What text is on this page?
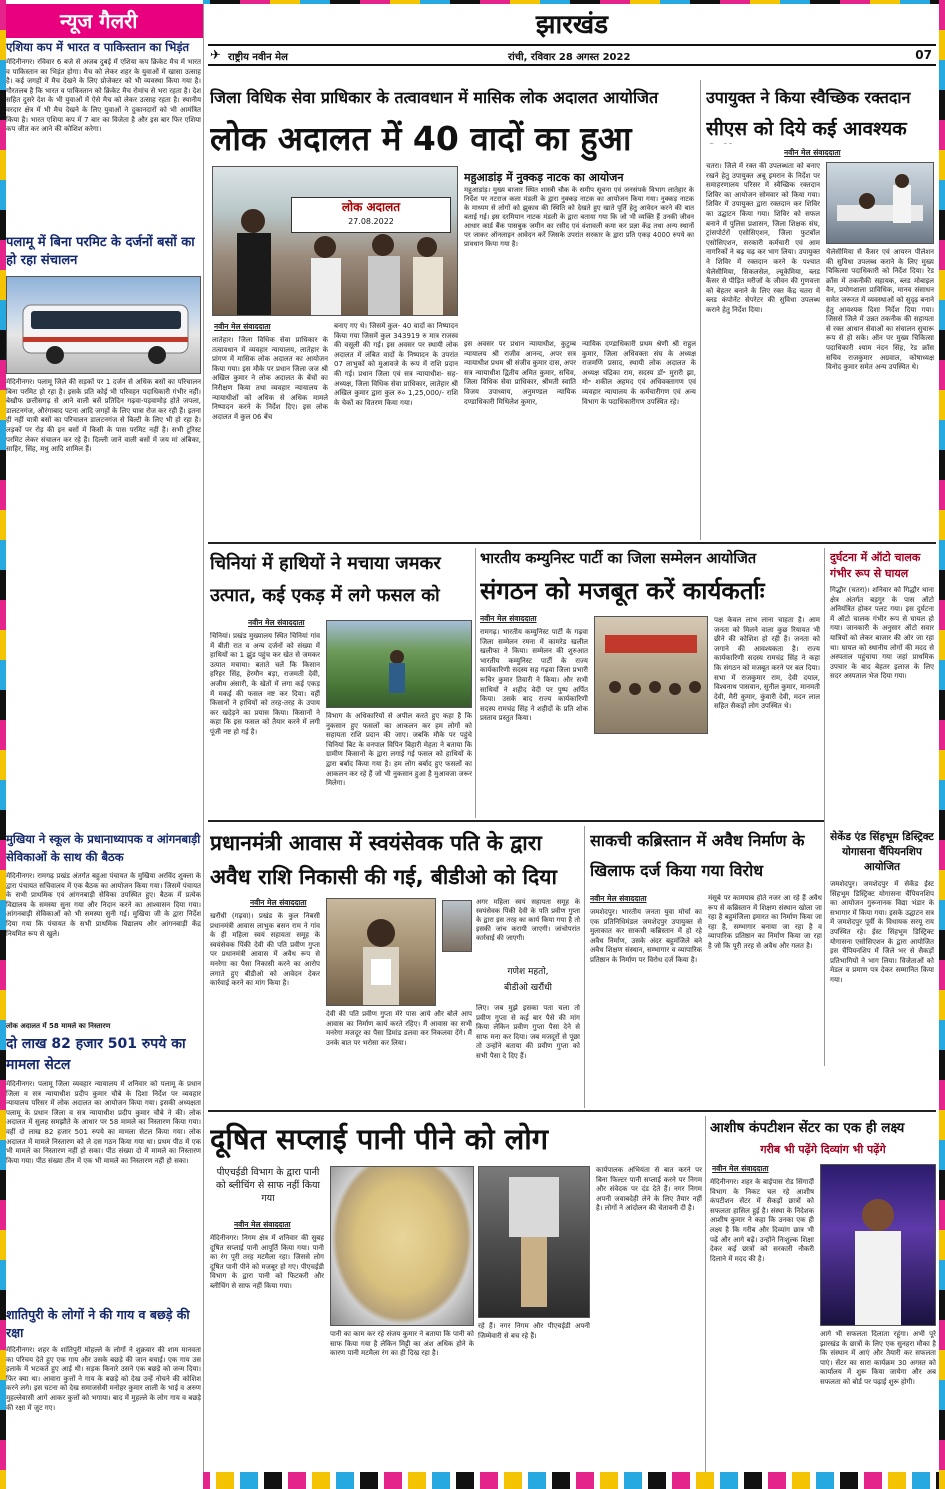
न्यूज गैलरी
एशिया कप में भारत व पाकिस्तान का भिड़ंत
मेदिनीनगर। रविवार 6 बजे से अजब दुबई में एशिया कप क्रिकेट मैच में भारत व पाकिस्तान का भिड़ंत होगा। मैच को लेकर शहर के युवाओं में खासा उत्साह है। कई जगहों में मैच देखने के लिए प्रोजेक्टर को भी व्यवस्था किया गया है। गौरतलब है कि भारत व पाकिस्तान को क्रिकेट मैच रोमांच से भरा रहता है। देश सहित दुसरे देश के भी युवाओं में ऐसे मैच को लेकर उत्साह रहता है। स्थानीय वरदार क्षेत्र में भी मैच देखने के लिए युवाओं ने दुकानदारों को भी आमंत्रित किया है। भारत एशिया कप में 7 बार का विजेता है और इस बार फिर एशिया कप जीत कर आने की कोशिश करेगा।
पलामू में बिना परमिट के दर्जनों बसों का हो रहा संचालन
मेदिनीनगर। पलामू जिले की सड़कों पर 1 दर्जन से अधिक बसों का परिचालन बिना परमिट हो रहा है। इसके प्रति कोई भी परिवहन पदाधिकारी गंभीर नहीं। बेखौफ छत्तीसगढ़ से आने वाली बसें प्रतिदिन गढ़वा-पड़वामोड़ होते जपला, डालटनगंज, औरंगाबाद पटना आदि जगहों के लिए यात्रा रोज कर रही हैं। इतना ही नहीं यात्री बसों का परिचालन डालटनगंज से बिल्टी के लिए भी हो रहा है। लड़कों पर रोड़ की इन बसों में किसी के पास परमिट नहीं है। सभी टूरिस्ट परमिट लेकर संचालन कर रहे हैं। दिल्ली जाने वाली बसों में जय मां अंबिका, साहिर, सिंह, मधु आदि शामिल हैं।
मुखिया ने स्कूल के प्रधानाध्यापक व आंगनबाड़ी सेविकाओं के साथ की बैठक
मेदिनीनगर। रामगढ़ प्रखंड अंतर्गत बहुआ पंचायत के मुखिया अरविंद शुक्ला के द्वारा पंचायत सचिवालय में एक बैठक का आयोजन किया गया। जिसमें पंचायत के सभी प्राथमिक एवं आंगनबाड़ी सेविका उपस्थित हुए। बैठक में प्रत्येक विद्यालय के समस्या सुना गया और निदान करने का आश्वासन दिया गया। आंगनबाड़ी सेविकाओं को भी समस्या सुनी गई। मुखिया जी के द्वारा निर्देश दिया गया कि पंचायत के सभी प्राथमिक विद्यालय और आंगनबाड़ी केंद्र नियमित रूप से खुले।
लोक अदालत में 58 मामले का निस्तारण
दो लाख 82 हजार 501 रुपये का मामला सेटल
मेदिनीनगर। पलामू जिला व्यवहार न्यायालय में शनिवार को पलामू के प्रधान जिला व सत्र न्यायाधीश प्रदीप कुमार चौबे के दिशा निर्देश पर व्यवहार न्यायालय परिसर में लोक अदालत का आयोजन किया गया। इसकी अध्यक्षता पलामू के प्रधान जिला व सत्र न्यायाधीश प्रदीप कुमार चौबे ने की। लोक अदालत में सुलह समझौते के आधार पर 58 मामले का निस्तारण किया गया। वहीं दो लाख 82 हजार 501 रुपये का मामला सेटल किया गया। लोक अदालत में मामले निस्तारण को ले दस गठन किया गया था। प्रथम पीठ में एक भी मामले का निस्तारण नहीं हो सका। पीठ संख्या दो में मामले का निस्तारण किया गया। पीठ संख्या तीन में एक भी मामले का निस्तारण नहीं हो सका।
शातिपुरी के लोगों ने की गाय व बछड़े की रक्षा
मेदिनीनगर। शहर के शांतिपुरी मोहल्ले के लोगों ने शुक्रवार की शाम मानवता का परिचय देते हुए एक गाय और उसके बछड़े की जान बचाई। एक गाय उस इलाके में भटकते हुए आई थी। सड़क किनारे उसने एक बछड़े को जन्म दिया। फिर क्या था। आवारा कुत्तों ने गाय के बछड़े को देख उन्हें नोचने की कोशिश करने लगे। इस घटना को देख समाजसेवी मनोहर कुमार लाली के भाई व अरुण मुहल्लेवासी आगे आकर कुत्तों को भगाया। बाद में मुहल्ले के लोग गाय व बछड़े की रक्षा में जुट गए।
झारखंड
✈ राष्ट्रीय नवीन मेल	रांची, रविवार 28 अगस्त 2022	07
जिला विधिक सेवा प्राधिकार के तत्वावधान में मासिक लोक अदालत आयोजित
लोक अदालत में 40 वादों का हुआ
लोक अदालत
27.08.2022
नवीन मेल संवाददाता
लातेहार। जिला विधिक सेवा प्राधिकार के तत्वावधान में व्यवहार न्यायालय, लातेहार के प्रांगण में मासिक लोक अदालत का आयोजन किया गया। इस मौके पर प्रधान जिला जज श्री अखिल कुमार ने लोक अदालत के बेंचों का निरीक्षण किया तथा व्यवहार न्यायालय के न्यायाधीशों को अधिक से अधिक मामले निष्पादन करने के निर्देश दिए। इस लोक अदालत में कुल 06 बेंच
बनाए गए थे। जिसमें कुल- 40 वादों का निष्पादन किया गया जिसमें कुल 343919 रु मात्र राजस्व की वसूली की गई। इस अवसर पर स्थायी लोक अदालत में लंबित वादों के निष्पादन के उपरांत 07 लाभुकों को मुआवजे के रूप में राशि प्रदान की गई। प्रधान जिला एवं सत्र न्यायाधीश- सह-अध्यक्ष, जिला विधिक सेवा प्राधिकार, लातेहार श्री अखिल कुमार द्वारा कुल रु० 1,25,000/- राशि के चेकों का वितरण किया गया।
महुआडांड़ में नुक्कड़ नाटक का आयोजन
महुआडांड़। मुख्य बाजार स्थित शास्त्री चौक के समीप सूचना एवं जनसंपर्क विभाग लातेहार के निर्देश पर नटराज कला मंडली के द्वारा नुक्कड़ नाटक का आयोजन किया गया। नुक्कड़ नाटक के माध्यम से लोगों को झुकाव की स्थिति को देखते हुए खाते पूर्ति हेतु आवेदन करने की बात बताई गई। इस दरमियान नाटक मंडली के द्वारा बताया गया कि जो भी व्यक्ति हैं उनकी जीवन आधार कार्ड बैंक पासबुक जमीन का रसीद एवं वंशावली कमा कर प्रज्ञा केंद्र तथा अन्य स्थानों पर जाकर ऑनलाइन आवेदन करें जिसके उपरांत सरकार के द्वारा प्रति एकड़ 4000 रुपये का प्रावधान किया गया है।
इस अवसर पर प्रधान न्यायाधीश, कुटुम्ब न्यायालय श्री राजीव आनन्द, अपर सत्र न्यायाधीश प्रथम श्री संजीव कुमार दास, अपर सत्र न्यायाधीश द्वितीय अमित कुमार, सचिव, जिला विधिक सेवा प्राधिकार, श्रीमती स्वाति विजय उपाध्याय, अनुमण्डल न्यायिक दण्डाधिकारी मिथिलेश कुमार,
न्यायिक दण्डाधिकारी प्रथम श्रेणी श्री राहुल कुमार, जिला अधिवक्ता संघ के अध्यक्ष राजमणि प्रसाद, स्थायी लोक अदालत के अध्यक्ष चंद्रिका राम, सदस्य डॉ॰ मुरारी झा, मो॰ शकील अहमद एवं अधिवक्तागण एवं व्यवहार न्यायालय के कर्मचारीगण एवं अन्य विभाग के पदाधिकारीगण उपस्थित रहे।
उपायुक्त ने किया स्वैच्छिक रक्तदान
सीएस को दिये कई आवश्यक
नवीन मेल संवाददाता
चतरा। जिले में रक्त की उपलब्धता को बनाए रखने हेतु उपायुक्त अबू इमरान के निर्देश पर समाहरणालय परिसर में स्वैच्छिक रक्तदान शिविर का आयोजन सोमवार को किया गया। शिविर में उपायुक्त द्वारा रक्तदान कर शिविर का उद्घाटन किया गया। शिविर को सफल बनाने में पुलिस प्रशासन, जिला शिक्षक संघ, ट्रांसपोर्टरों एसोसिएशन, जिला फुटबॉल एसोसिएशन, सरकारी कर्मचारी एवं आम नागरिकों ने बढ़ चढ़ कर भाग लिया। उपायुक्त ने शिविर में रक्तदान करने के पश्चात थैलेसीमिया, सिकलसेल, ल्यूकेमिया, ब्लड कैंसर से पीड़ित मरीजों के जीवन की गुणवत्ता को बेहतर बनाने के लिए रक्त केंद्र चतरा में ब्लड कंपोनेंट सेपरेटर की सुविधा उपलब्ध कराने हेतु निर्देश दिया।
थैलेसीमिया से कैंसर एवं आयरन पीलेशन की सुविधा उपलब्ध कराने के लिए मुख्य चिकित्सा पदाधिकारी को निर्देश दिया। रेड क्रॉस में तकनीकी सहायक, ब्लड मोबाइल वैन, प्रयोगशाला प्राविधिक, मानव संसाधन समेत जरूरत में व्यवस्थाओं को सुदृढ़ बनाने हेतु आवश्यक दिशा निर्देश दिया गया। जिससे जिले में उन्नत तकनीक की सहायता से रक्त आधान सेवाओं का संचालन सुचारू रूप से हो सके। ऑन पर मुख्य चिकित्सा पदाधिकारी श्याम नंदन सिंह, रेड क्रॉस सचिव राजकुमार अग्रवाल, कोषाध्यक्ष विनोद कुमार समेत अन्य उपस्थित थे।
चिनियां में हाथियों ने मचाया जमकर उत्पात, कई एकड़ में लगे फसल को
नवीन मेल संवाददाता
चिनियां। प्रखंड मुख्यालय स्थित चिनियां गांव में बीती रात व अन्य दर्जनों को संख्या में हाथियों का 1 झुंड पहुंच कर खेत से जमकर उत्पात मचाया। बताते चलें कि किसान हरिहर सिंह, हेरमौन बड़ा, राजमती देवी, अजीम अंसारी, के खेतों में लगा कई एकड़ में मकई की फसल नष्ट कर दिया। वहीं किसानों ने हाथियों को तरह-तरह के उपाय कर खदेड़ने का प्रयास किया। किसानों ने कहा कि इस फसल को तैयार करने में लगी पूंजी नष्ट हो गई है।
विभाग के अधिकारियों से अपील करते हुए कहा है कि नुकसान हुए फसलों का आकलन कर हम लोगों को सहायता राशि प्रदान की जाए। जबकि मौके पर पहुंचे चिनियां बिट के वनपाल विपिन बिहारी मेहता ने बताया कि ग्रामीण किसानों के द्वारा लगाई गई फसल को हाथियों के द्वारा बर्बाद किया गया है। हम लोग बर्बाद हुए फसलों का आकलन कर रहे हैं जो भी नुकसान हुआ है मुआवजा जरूर मिलेगा।
भारतीय कम्युनिस्ट पार्टी का जिला सम्मेलन आयोजित
संगठन को मजबूत करें कार्यकर्ताः
नवीन मेल संवाददाता
रामगढ़। भारतीय कम्युनिस्ट पार्टी के गढ़वा जिला सम्मेलन रमना में कामरेड खलील खलीफा ने किया। सम्मेलन की शुरुआत भारतीय कम्युनिस्ट पार्टी के राज्य कार्यकारिणी सदस्य सह गढ़वा जिला प्रभारी रूचिर कुमार तिवारी ने किया। और सभी साथियों ने शहीद वेदी पर पुष्प अर्पित किया। उसके बाद राज्य कार्यकारिणी सदस्य रामचंद्र सिंह ने शहीदों के प्रति शोक प्रस्ताव प्रस्तुत किया।
पक्ष केवल लाभ लाना चाहता है। आम जनता को मिलने वाला कुछ रियायत भी छीने की कोशिश हो रही है। जनता को जगाने की आवश्यकता है। राज्य कार्यकारिणी सदस्य रामचंद्र सिंह ने कहा कि संगठन को मजबूत करने पर बल दिया। सभा में राजकुमार राम, देवी दयाल, विश्वनाथ पासवान, सुनील कुमार, मानमती देवी, मैरी कुमार, कुंवारी देवी, मदन लाल सहित सैकड़ों लोग उपस्थित थे।
दुर्घटना में ऑटो चालक गंभीर रूप से घायल
गिद्धौर (चतरा)। शनिवार को गिद्धौर थाना क्षेत्र अंतर्गत बड़गुर के पास ऑटो अनियंत्रित होकर पलट गया। इस दुर्घटना में ऑटो चालक गंभीर रूप से घायल हो गया। जानकारी के अनुसार ऑटो सवार यात्रियों को लेकर बाजार की ओर जा रहा था। घायल को स्थानीय लोगों की मदद से अस्पताल पहुंचाया गया जहां प्राथमिक उपचार के बाद बेहतर इलाज के लिए सदर अस्पताल भेज दिया गया।
सेकेंड एंड सिंहभूम डिस्ट्रिक्ट योगासना चैंपियनशिप आयोजित
जमशेदपुर। जमशेदपुर में सेकेंड ईस्ट सिंहभूम डिस्ट्रिक्ट योगासना चैंपियनशिप का आयोजन गुरूनानक विद्या भंडार के सभागार में किया गया। इसके उद्घाटन सत्र में जमशेदपुर पूर्वी के विधायक सरयू राय उपस्थित रहे। ईस्ट सिंहभूम डिस्ट्रिक्ट योगासना एसोसिएशन के द्वारा आयोजित इस चैंपियनशिप में जिले भर से सैकड़ों प्रतिभागियों ने भाग लिया। विजेताओं को मेडल व प्रमाण पत्र देकर सम्मानित किया गया।
प्रधानमंत्री आवास में स्वयंसेवक पति के द्वारा अवैध राशि निकासी की गई, बीडीओ को दिया
नवीन मेल संवाददाता
खरौंधी (गढ़वा)। प्रखंड के कुल निबसी प्रधानमंत्री आवास लाभुक बसन राम ने गांव के ही महिला स्वयं सहायता समूह के स्वयंसेवक पिंकी देवी की पति प्रवीण गुप्ता पर प्रधानमंत्री आवास में अवैध रूप से मनरेगा का पैसा निकासी करने का आरोप लगाते हुए बीडीओ को आवेदन देकर कार्रवाई करने का मांग किया है।
अगर महिला स्वयं सहायता समूह के स्वयंसेवक पिंकी देवी के पति प्रवीण गुप्ता के द्वारा इस तरह का कार्य किया गया है तो इसकी जांच करायी जाएगी। जांचोपरांत कार्रवाई की जाएगी।
गणेश महतो,
बीडीओ खरौंधी
देवी की पति प्रवीण गुप्ता मेरे पास आये और बोले आप आवास का निर्माण कार्य करते रहिए। मैं आवास का सभी मनरेगा मजदूर का पैसा डिमांड डलवा कर निकलवा देंगे। मैं उनके बात पर भरोसा कर लिया।
लिए। जब मुझे इसका पता चला तो प्रवीण गुप्ता से कई बार पैसे की मांग किया लेकिन प्रवीण गुप्ता पैसा देने से साफ मना कर दिया। जब मजदूरों से पूछा तो उन्होंने बताया की प्रवीण गुप्ता को सभी पैसा दे दिए हैं।
साकची कब्रिस्तान में अवैध निर्माण के खिलाफ दर्ज किया गया विरोध
नवीन मेल संवाददाता
जमशेदपुर। भारतीय जनता युवा मोर्चा का एक प्रतिनिधिमंडल जमशेदपुर उपायुक्त से मुलाकात कर साकची कब्रिस्तान में हो रहे अवैध निर्माण, उसके अंदर बहुमंजिले बने अवैध शिक्षण संस्थान, सम्भागार व व्यापारिक प्रतिष्ठान के निर्माण पर विरोध दर्ज किया है।
मंसूबे पर कामयाब होते नजर आ रहे हैं अवैध रूप से कब्रिस्तान में शिक्षण संस्थान खोला जा रहा है बहुमंजिला इमारत का निर्माण किया जा रहा है, सम्भागार बनाया जा रहा है व व्यापारिक प्रतिष्ठान का निर्माण किया जा रहा है जो कि पूरी तरह से अवैध और गलत है।
दूषित सप्लाई पानी पीने को लोग
पीएचईडी विभाग के द्वारा पानी को ब्लीचिंग से साफ नहीं किया गया
नवीन मेल संवाददाता
मेदिनीनगर। निगम क्षेत्र में शनिवार की सुबह दूषित सप्लाई पानी आपूर्ति किया गया। पानी का रंग पूरी तरह मटमैला रहा। जिससे लोग दूषित पानी पीने को मजबूर हो गए। पीएचईडी विभाग के द्वारा पानी को फिटकरी और ब्लीचिंग से साफ नहीं किया गया।
पानी का काम कर रहे संजय कुमार ने बताया कि पानी को साफ किया गया है लेकिन मिट्टी का अंश अधिक होने के कारण पानी मटमैला रंग का ही दिख रहा है।
रहे हैं। नगर निगम और पीएचईडी अपनी जिम्मेवारी से बच रहे हैं।
कार्यपालक अभियंता से बात करने पर बिना फिल्टर पानी सप्लाई करने पर निगम और संवेदक पर दंड देते हैं। नगर निगम अपनी जवाबदेही लेने के लिए तैयार नहीं है। लोगों ने आंदोलन की चेतावनी दी है।
आशीष कंपटीशन सेंटर का एक ही लक्ष्य
गरीब भी पढ़ेंगे दिव्यांग भी पढ़ेंगे
नवीन मेल संवाददाता
मेदिनीनगर। शहर के बाईपास रोड सिंगार्दी विभाग के निकट चल रहे आशीष कंपटीशन सेंटर में सैकड़ों छात्रों को सफलता हासिल हुई है। संस्था के निदेशक आशीष कुमार ने कहा कि उनका एक ही लक्ष्य है कि गरीब और दिव्यांग छात्र भी पढ़ें और आगे बढ़ें। उन्होंने निःशुल्क शिक्षा देकर कई छात्रों को सरकारी नौकरी दिलाने में मदद की है।
आगे भी सफलता दिलाता रहूंगा। अभी पूरे झारखंड के छात्रों के लिए एक सुनहरा मौका है कि संस्थान में आएं और तैयारी कर सफलता पाएं। सेंटर का सारा कार्यक्रम 30 अगस्त को कार्यालय में शुरू किया जायेगा और अब सफलता को बोर्ड पर पढ़ाई शुरू होगी।
